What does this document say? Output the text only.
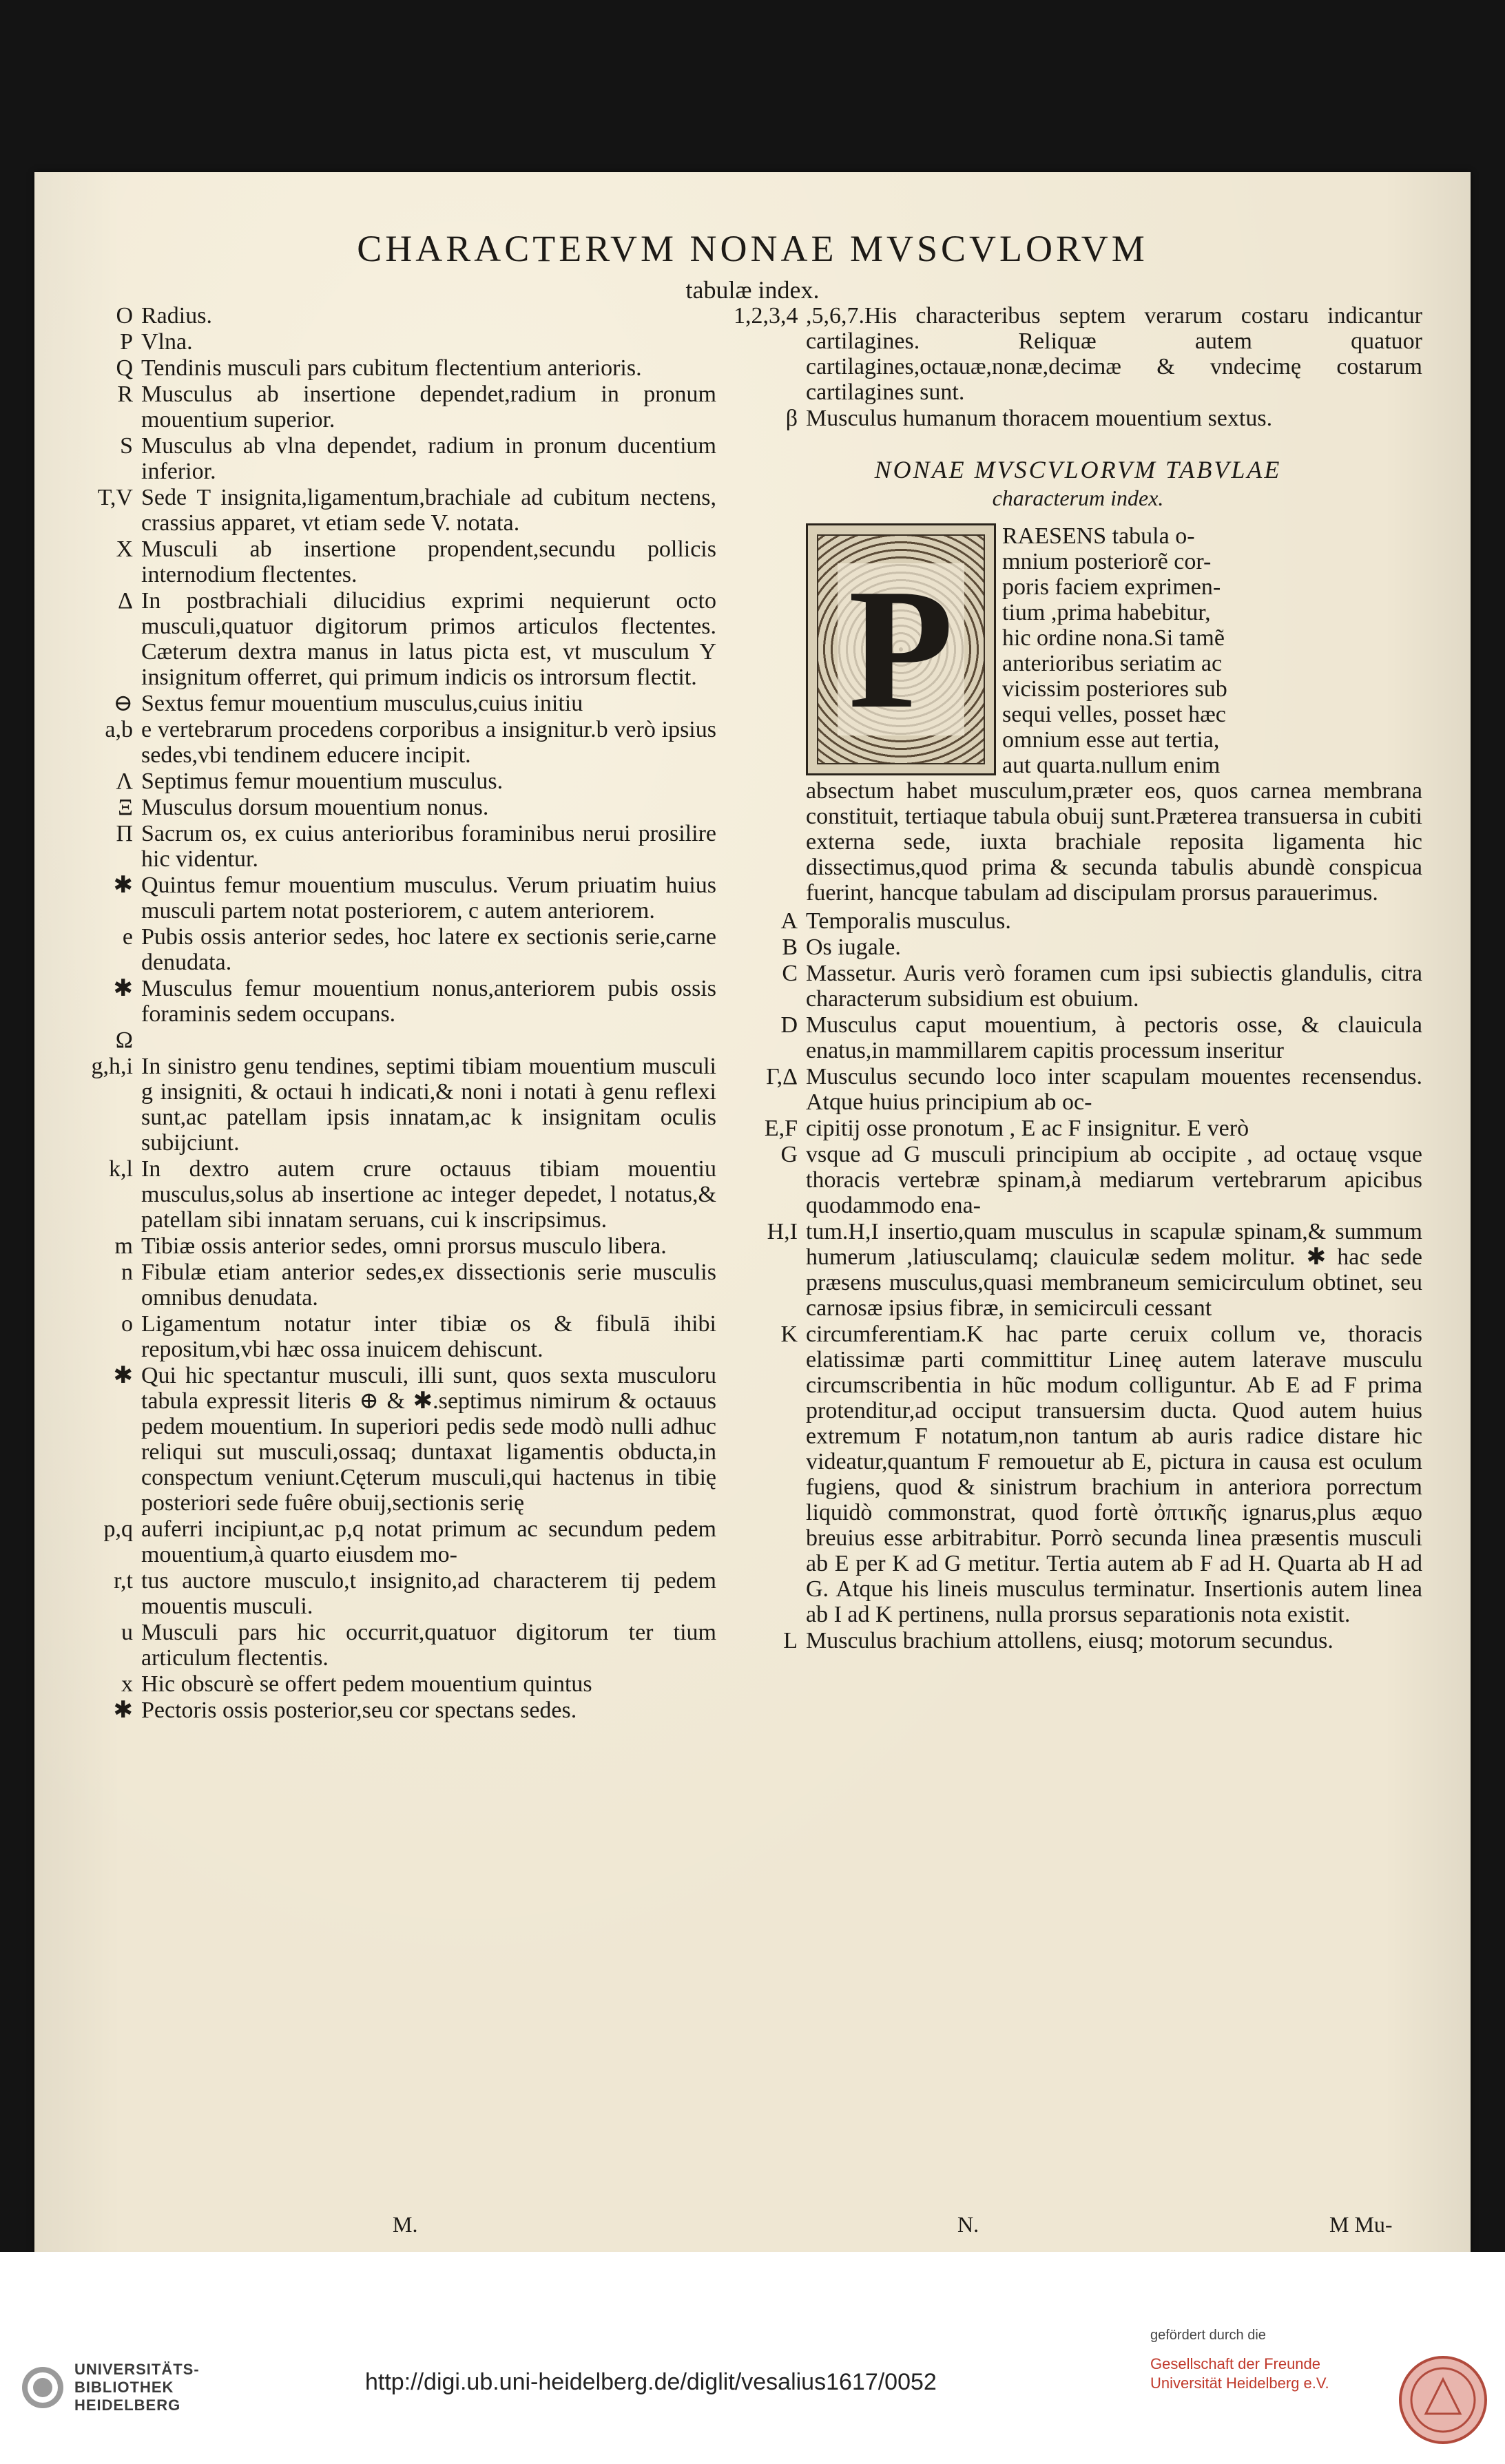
CHARACTERVM NONAE MVSCVLORVM
tabulæ index.
O Radius.
P Vlna.
Q Tendinis musculi pars cubitum flectentium anterioris.
R Musculus ab insertione dependet,radium in pronum mouentium superior.
S Musculus ab vlna dependet, radium in pronum ducentium inferior.
T,V Sede T insignita,ligamentum,brachiale ad cubitum nectens, crassius apparet, vt etiam sede V. notata.
X Musculi ab insertione propendent,secundu pollicis internodium flectentes.
Δ In postbrachiali dilucidius exprimi nequierunt octo musculi,quatuor digitorum primos articulos flectentes. Cæterum dextra manus in latus picta est, vt musculum Y insignitum offerret, qui primum indicis os introrsum flectit.
⊖ Sextus femur mouentium musculus,cuius initiu
a,b e vertebrarum procedens corporibus a insignitur.b verò ipsius sedes,vbi tendinem educere incipit.
Λ Septimus femur mouentium musculus.
Ξ Musculus dorsum mouentium nonus.
Π Sacrum os, ex cuius anterioribus foraminibus nerui prosilire hic videntur.
✱ Quintus femur mouentium musculus. Verum priuatim huius musculi partem notat posteriorem, c autem anteriorem.
e Pubis ossis anterior sedes, hoc latere ex sectionis serie,carne denudata.
✱ Musculus femur mouentium nonus,anteriorem pubis ossis foraminis sedem occupans.
Ω
g,h,i In sinistro genu tendines, septimi tibiam mouentium musculi g insigniti, & octaui h indicati,& noni i notati à genu reflexi sunt,ac patellam ipsis innatam,ac k insignitam oculis subijciunt.
k,l In dextro autem crure octauus tibiam mouentiu musculus,solus ab insertione ac integer depedet, l notatus,& patellam sibi innatam seruans, cui k inscripsimus.
m Tibiæ ossis anterior sedes, omni prorsus musculo libera.
n Fibulæ etiam anterior sedes,ex dissectionis serie musculis omnibus denudata.
o Ligamentum notatur inter tibiæ os & fibulā ihibi repositum,vbi hæc ossa inuicem dehiscunt.
✱ Qui hic spectantur musculi, illi sunt, quos sexta musculoru tabula expressit literis ⊕ & ✱.septimus nimirum & octauus pedem mouentium. In superiori pedis sede modò nulli adhuc reliqui sut musculi,ossaq; duntaxat ligamentis obducta,in conspectum veniunt.Cęterum musculi,qui hactenus in tibię posteriori sede fuêre obuij,sectionis serię
p,q auferri incipiunt,ac p,q notat primum ac secundum pedem mouentium,à quarto eiusdem mo-
r,t tus auctore musculo,t insignito,ad characterem tij pedem mouentis musculi.
u Musculi pars hic occurrit,quatuor digitorum ter tium articulum flectentis.
x Hic obscurè se offert pedem mouentium quintus
✱ Pectoris ossis posterior,seu cor spectans sedes.
1,2,3,4 ,5,6,7.His characteribus septem verarum costaru indicantur cartilagines. Reliquæ autem quatuor cartilagines,octauæ,nonæ,decimæ & vndecimę costarum cartilagines sunt.
β Musculus humanum thoracem mouentium sextus.
NONAE MVSCVLORVM TABVLAE
characterum index.
P
RAESENS tabula o-
mnium posteriorẽ cor-
poris faciem exprimen-
tium ,prima habebitur,
hic ordine nona.Si tamẽ
anterioribus seriatim ac
vicissim posteriores sub
sequi velles, posset hæc
omnium esse aut tertia,
aut quarta.nullum enim
absectum habet musculum,præter eos, quos carnea membrana constituit, tertiaque tabula obuij sunt.Præterea transuersa in cubiti externa sede, iuxta brachiale reposita ligamenta hic dissectimus,quod prima & secunda tabulis abundè conspicua fuerint, hancque tabulam ad discipulam prorsus parauerimus.
A Temporalis musculus.
B Os iugale.
C Massetur. Auris verò foramen cum ipsi subiectis glandulis, citra characterum subsidium est obuium.
D Musculus caput mouentium, à pectoris osse, & clauicula enatus,in mammillarem capitis processum inseritur
Γ,Δ Musculus secundo loco inter scapulam mouentes recensendus. Atque huius principium ab oc-
E,F cipitij osse pronotum , E ac F insignitur. E verò
G vsque ad G musculi principium ab occipite , ad octauę vsque thoracis vertebræ spinam,à mediarum vertebrarum apicibus quodammodo ena-
H,I tum.H,I insertio,quam musculus in scapulæ spinam,& summum humerum ,latiusculamq; clauiculæ sedem molitur. ✱ hac sede præsens musculus,quasi membraneum semicirculum obtinet, seu carnosæ ipsius fibræ, in semicirculi cessant
K circumferentiam.K hac parte ceruix collum ve, thoracis elatissimæ parti committitur Lineę autem laterave musculu circumscribentia in hũc modum colliguntur. Ab E ad F prima protenditur,ad occiput transuersim ducta. Quod autem huius extremum F notatum,non tantum ab auris radice distare hic videatur,quantum F remouetur ab E, pictura in causa est oculum fugiens, quod & sinistrum brachium in anteriora porrectum liquidò commonstrat, quod fortè ὀπτικῆς ignarus,plus æquo breuius esse arbitrabitur. Porrò secunda linea præsentis musculi ab E per K ad G metitur. Tertia autem ab F ad H. Quarta ab H ad G. Atque his lineis musculus terminatur. Insertionis autem linea ab I ad K pertinens, nulla prorsus separationis nota existit.
L Musculus brachium attollens, eiusq; motorum secundus.
M.	N.	M Mu-
UNIVERSITÄTS-
BIBLIOTHEK
HEIDELBERG
http://digi.ub.uni-heidelberg.de/diglit/vesalius1617/0052
gefördert durch die
Gesellschaft der Freunde
Universität Heidelberg e.V.
